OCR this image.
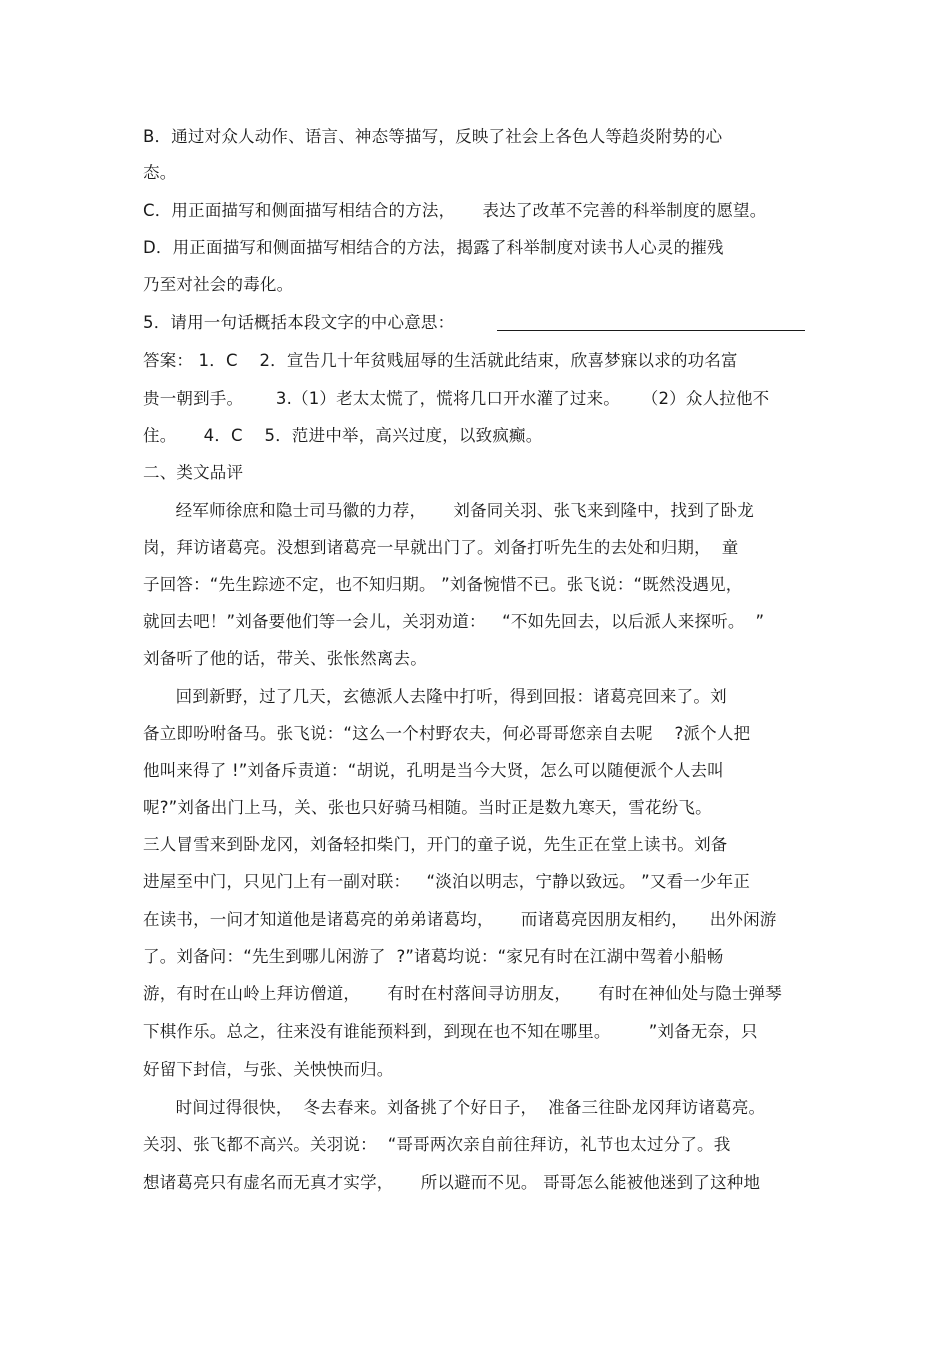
B．通过对众人动作、语言、神态等描写，反映了社会上各色人等趋炎附势的心
态。
C．用正面描写和侧面描写相结合的方法，     表达了改革不完善的科举制度的愿望。
D．用正面描写和侧面描写相结合的方法，揭露了科举制度对读书人心灵的摧残
乃至对社会的毒化。
5．请用一句话概括本段文字的中心意思：
答案： 1．C    2．宣告几十年贫贱屈辱的生活就此结束，欣喜梦寐以求的功名富
贵一朝到手。      3.（1）老太太慌了，慌将几口开水灌了过来。    （2）众人拉他不
住。     4．C    5．范进中举，高兴过度，以致疯癫。
二、类文品评
经军师徐庶和隐士司马徽的力荐，     刘备同关羽、张飞来到隆中，找到了卧龙
岗，拜访诸葛亮。没想到诸葛亮一早就出门了。刘备打听先生的去处和归期，  童
子回答：“先生踪迹不定，也不知归期。 ”刘备惋惜不已。张飞说：“既然没遇见，
就回去吧！”刘备要他们等一会儿，关羽劝道：   “不如先回去，以后派人来探听。  ”
刘备听了他的话，带关、张怅然离去。
回到新野，过了几天，玄德派人去隆中打听，得到回报：诸葛亮回来了。刘
备立即吩咐备马。张飞说：“这么一个村野农夫，何必哥哥您亲自去呢    ?派个人把
他叫来得了 !”刘备斥责道：“胡说，孔明是当今大贤，怎么可以随便派个人去叫
呢?”刘备出门上马，关、张也只好骑马相随。当时正是数九寒天，雪花纷飞。
三人冒雪来到卧龙冈，刘备轻扣柴门，开门的童子说，先生正在堂上读书。刘备
进屋至中门，只见门上有一副对联：   “淡泊以明志，宁静以致远。 ”又看一少年正
在读书，一问才知道他是诸葛亮的弟弟诸葛均，     而诸葛亮因朋友相约，    出外闲游
了。刘备问：“先生到哪儿闲游了  ?”诸葛均说：“家兄有时在江湖中驾着小船畅
游，有时在山岭上拜访僧道，     有时在村落间寻访朋友，     有时在神仙处与隐士弹琴
下棋作乐。总之，往来没有谁能预料到，到现在也不知在哪里。       ”刘备无奈，只
好留下封信，与张、关怏怏而归。
时间过得很快，  冬去春来。刘备挑了个好日子，  准备三往卧龙冈拜访诸葛亮。
关羽、张飞都不高兴。关羽说：  “哥哥两次亲自前往拜访，礼节也太过分了。我
想诸葛亮只有虚名而无真才实学，     所以避而不见。 哥哥怎么能被他迷到了这种地
